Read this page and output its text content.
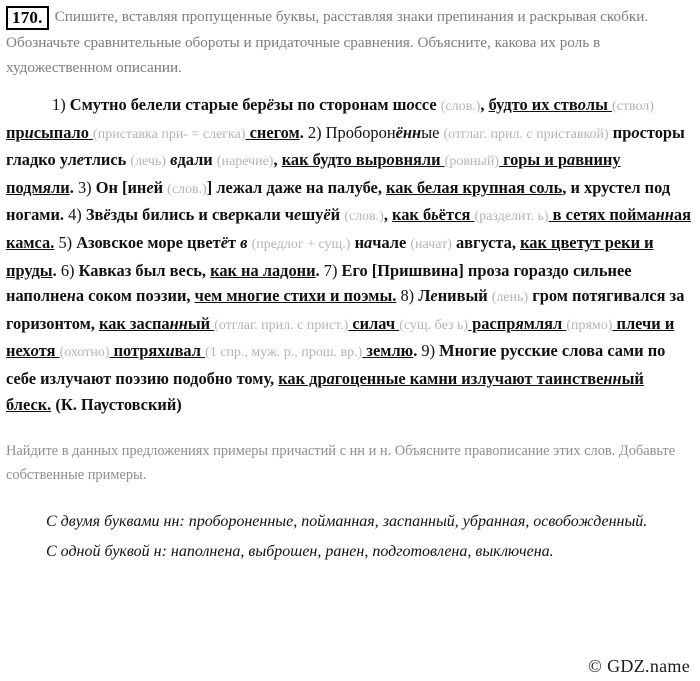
170. Спишите, вставляя пропущенные буквы, расставляя знаки препинания и раскрывая скобки. Обозначьте сравнительные обороты и придаточные сравнения. Объясните, какова их роль в художественном описании.

1) Смутно белели старые берёзы по сторонам шоссе (слов.), будто их стволы (ствол) присыпало (приставка при- = слегка) снегом. 2) Проборонённые (отглаг. прил. с приставкой) просторы гладко улетлись (лечь) вдали (наречие), как будто выровняли (ровный) горы и равнину подмяли. 3) Он [иней (слов.)] лежал даже на палубе, как белая крупная соль, и хрустел под ногами. 4) Звёзды бились и сверкали чешуёй (слов.), как бьётся (разделит. ь) в сетях пойманная камса. 5) Азовское море цветёт в (предлог + сущ.) начале (начат) августа, как цветут реки и пруды. 6) Кавказ был весь, как на ладони. 7) Его [Пришвина] проза гораздо сильнее наполнена соком поэзии, чем многие стихи и поэмы. 8) Ленивый (лень) гром потягивался за горизонтом, как заспанный (отглаг. прил. с прист.) силач (сущ. без ь) распрямлял (прямо) плечи и нехотя (охотно) потряхивал (1 спр., муж. р., прош. вр.) землю. 9) Многие русские слова сами по себе излучают поэзию подобно тому, как драгоценные камни излучают таинственный блеск. (К. Паустовский)

Найдите в данных предложениях примеры причастий с нн и н. Объясните правописание этих слов. Добавьте собственные примеры.

С двумя буквами нн: пробороненные, пойманная, заспанный, убранная, освобожденный.

С одной буквой н: наполнена, выброшен, ранен, подготовлена, выключена.

© GDZ.name
